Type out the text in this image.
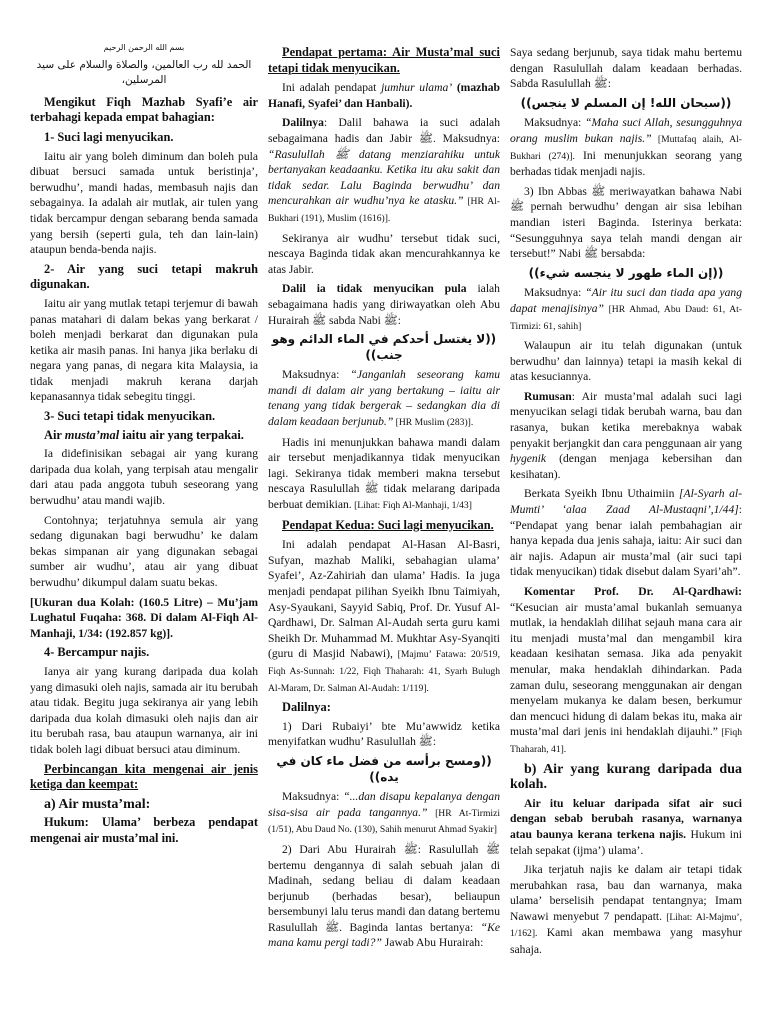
بسم الله الرحمن الرحيم
الحمد لله رب العالمين، والصلاة والسلام على سيد المرسلين،

Mengikut Fiqh Mazhab Syafi’e air terbahagi kepada empat bahagian:

1- Suci lagi menyucikan.

Iaitu air yang boleh diminum dan boleh pula dibuat bersuci samada untuk beristinja’, berwudhu’, mandi hadas, membasuh najis dan sebagainya. Ia adalah air mutlak, air tulen yang tidak bercampur dengan sebarang benda samada yang bersih (seperti gula, teh dan lain-lain) ataupun benda-benda najis.

2- Air yang suci tetapi makruh digunakan.

Iaitu air yang mutlak tetapi terjemur di bawah panas matahari di dalam bekas yang berkarat / boleh menjadi berkarat dan digunakan pula ketika air masih panas. Ini hanya jika berlaku di negara yang panas, di negara kita Malaysia, ia tidak menjadi makruh kerana darjah kepanasannya tidak sebegitu tinggi.

3- Suci tetapi tidak menyucikan.
Air musta’mal iaitu air yang terpakai.

Ia didefinisikan sebagai air yang kurang daripada dua kolah, yang terpisah atau mengalir dari atau pada anggota tubuh seseorang yang berwudhu’ atau mandi wajib.

Contohnya; terjatuhnya semula air yang sedang digunakan bagi berwudhu’ ke dalam bekas simpanan air yang digunakan sebagai sumber air wudhu’, atau air yang dibuat berwudhu’ dikumpul dalam suatu bekas.

[Ukuran dua Kolah: (160.5 Litre) – Mu’jam Lughatul Fuqaha: 368. Di dalam Al-Fiqh Al-Manhaji, 1/34: (192.857 kg)].

4- Bercampur najis.

Ianya air yang kurang daripada dua kolah yang dimasuki oleh najis, samada air itu berubah atau tidak. Begitu juga sekiranya air yang lebih daripada dua kolah dimasuki oleh najis dan air itu berubah rasa, bau ataupun warnanya, air ini tidak boleh lagi dibuat bersuci atau diminum.

Perbincangan kita mengenai air jenis ketiga dan keempat:

a) Air musta’mal:

Hukum: Ulama’ berbeza pendapat mengenai air musta’mal ini.

Pendapat pertama: Air Musta’mal suci tetapi tidak menyucikan.

Ini adalah pendapat jumhur ulama’ (mazhab Hanafi, Syafei’ dan Hanbali).

Dalilnya: Dalil bahawa ia suci adalah sebagaimana hadis dan Jabir ﷺ. Maksudnya: “Rasulullah ﷺ datang menziarahiku untuk bertanyakan keadaanku. Ketika itu aku sakit dan tidak sedar. Lalu Baginda berwudhu’ dan mencurahkan air wudhu’nya ke atasku.” [HR Al-Bukhari (191), Muslim (1616)].

Sekiranya air wudhu’ tersebut tidak suci, nescaya Baginda tidak akan mencurahkannya ke atas Jabir.

Dalil ia tidak menyucikan pula ialah sebagaimana hadis yang diriwayatkan oleh Abu Hurairah ﷺ sabda Nabi ﷺ:

((لا يغتسل أحدكم في الماء الدائم وهو جنب))

Maksudnya: “Janganlah seseorang kamu mandi di dalam air yang bertakung – iaitu air tenang yang tidak bergerak – sedangkan dia di dalam keadaan berjunub.” [HR Muslim (283)].

Hadis ini menunjukkan bahawa mandi dalam air tersebut menjadikannya tidak menyucikan lagi. Sekiranya tidak memberi makna tersebut nescaya Rasulullah ﷺ tidak melarang daripada berbuat demikian. [Lihat: Fiqh Al-Manhaji, 1/43]

Pendapat Kedua: Suci lagi menyucikan.

Ini adalah pendapat Al-Hasan Al-Basri, Sufyan, mazhab Maliki, sebahagian ulama’ Syafei’, Az-Zahiriah dan ulama’ Hadis. Ia juga menjadi pendapat pilihan Syeikh Ibnu Taimiyah, Asy-Syaukani, Sayyid Sabiq, Prof. Dr. Yusuf Al-Qardhawi, Dr. Salman Al-Audah serta guru kami Sheikh Dr. Muhammad M. Mukhtar Asy-Syanqiti (guru di Masjid Nabawi), [Majmu’ Fatawa: 20/519, Fiqh As-Sunnah: 1/22, Fiqh Thaharah: 41, Syarh Bulugh Al-Maram, Dr. Salman Al-Audah: 1/119].

Dalilnya:

1) Dari Rubaiyi’ bte Mu’awwidz ketika menyifatkan wudhu’ Rasulullah ﷺ:

((ومسح برأسه من فضل ماء كان في يده))

Maksudnya: “...dan disapu kepalanya dengan sisa-sisa air pada tangannya.” [HR At-Tirmizi (1/51), Abu Daud No. (130), Sahih menurut Ahmad Syakir]

2) Dari Abu Hurairah ﷺ: Rasulullah ﷺ bertemu dengannya di salah sebuah jalan di Madinah, sedang beliau di dalam keadaan berjunub (berhadas besar), beliaupun bersembunyi lalu terus mandi dan datang bertemu Rasulullah ﷺ. Baginda lantas bertanya: “Ke mana kamu pergi tadi?” Jawab Abu Hurairah:

Saya sedang berjunub, saya tidak mahu bertemu dengan Rasulullah dalam keadaan berhadas. Sabda Rasulullah ﷺ:

((سبحان الله! إن المسلم لا ينجس))

Maksudnya: “Maha suci Allah, sesungguhnya orang muslim bukan najis.” [Muttafaq alaih, Al-Bukhari (274)]. Ini menunjukkan seorang yang berhadas tidak menjadi najis.

3) Ibn Abbas ﷺ meriwayatkan bahawa Nabi ﷺ pernah berwudhu’ dengan air sisa lebihan mandian isteri Baginda. Isterinya berkata: “Sesungguhnya saya telah mandi dengan air tersebut!” Nabi ﷺ bersabda:

((إن الماء طهور لا ينجسه شيء))

Maksudnya: “Air itu suci dan tiada apa yang dapat menajisinya” [HR Ahmad, Abu Daud: 61, At-Tirmizi: 61, sahih]

Walaupun air itu telah digunakan (untuk berwudhu’ dan lainnya) tetapi ia masih kekal di atas kesuciannya.

Rumusan: Air musta’mal adalah suci lagi menyucikan selagi tidak berubah warna, bau dan rasanya, bukan ketika merebaknya wabak penyakit berjangkit dan cara penggunaan air yang hygenik (dengan menjaga kebersihan dan kesihatan).

Berkata Syeikh Ibnu Uthaimiin [Al-Syarh al-Mumti’ ‘alaa Zaad Al-Mustaqni’,1/44]: “Pendapat yang benar ialah pembahagian air hanya kepada dua jenis sahaja, iaitu: Air suci dan air najis. Adapun air musta’mal (air suci tapi tidak menyucikan) tidak disebut dalam Syari’ah”.

Komentar Prof. Dr. Al-Qardhawi: “Kesucian air musta’amal bukanlah semuanya mutlak, ia hendaklah dilihat sejauh mana cara air itu menjadi musta’mal dan mengambil kira keadaan kesihatan semasa. Jika ada penyakit menular, maka hendaklah dihindarkan. Pada zaman dulu, seseorang menggunakan air dengan menyelam mukanya ke dalam besen, berkumur dan mencuci hidung di dalam bekas itu, maka air musta’mal dari jenis ini hendaklah dijauhi.” [Fiqh Thaharah, 41].

b) Air yang kurang daripada dua kolah.

Air itu keluar daripada sifat air suci dengan sebab berubah rasanya, warnanya atau baunya kerana terkena najis. Hukum ini telah sepakat (ijma’) ulama’.

Jika terjatuh najis ke dalam air tetapi tidak merubahkan rasa, bau dan warnanya, maka ulama’ berselisih pendapat tentangnya; Imam Nawawi menyebut 7 pendapatt. [Lihat: Al-Majmu’, 1/162]. Kami akan membawa yang masyhur sahaja.
